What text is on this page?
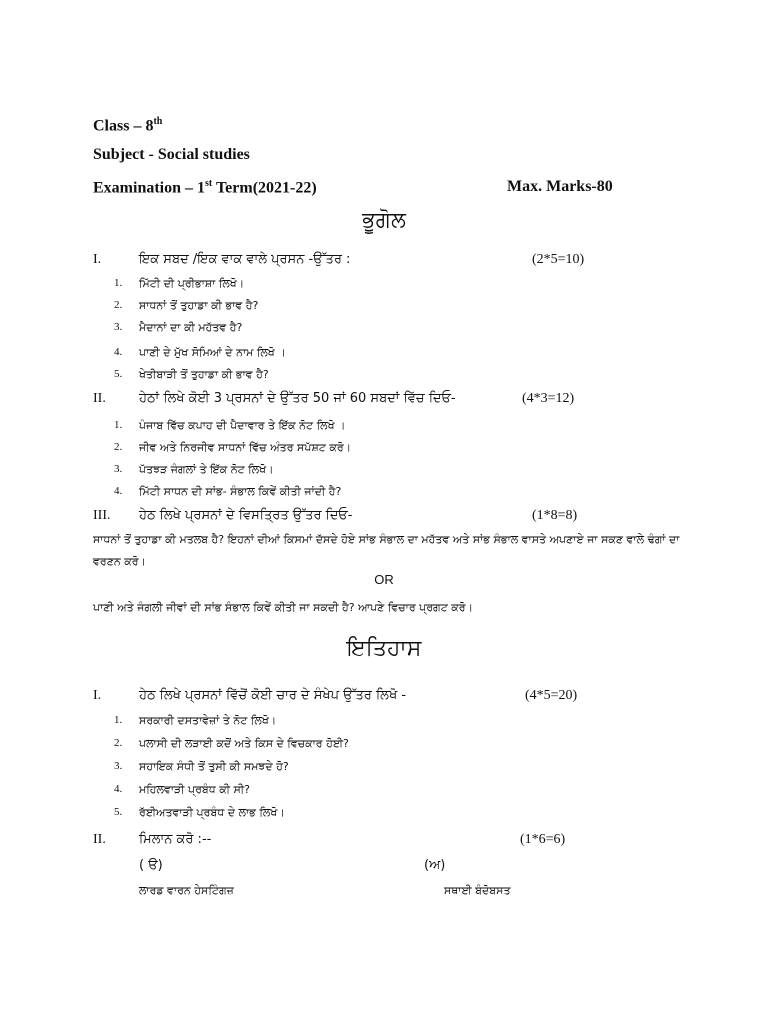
Class – 8th
Subject - Social studies
Examination – 1st Term(2021-22)	Max. Marks-80
ਭੂਗੋਲ
I.	ਇਕ ਸਬਦ /ਇਕ ਵਾਕ ਵਾਲੇ ਪ੍ਰਸਨ -ਉੱਤਰ :	(2*5=10)
1. ਮਿੱਟੀ ਦੀ ਪ੍ਰੀਭਾਸ਼ਾ ਲਿਖੋ।
2. ਸਾਧਨਾਂ ਤੋਂ ਤੁਹਾਡਾ ਕੀ ਭਾਵ ਹੈ?
3. ਮੈਦਾਨਾਂ ਦਾ ਕੀ ਮਹੱਤਵ ਹੈ?
4. ਪਾਣੀ ਦੇ ਮੁੱਖ ਸੋਮਿਆਂ ਦੇ ਨਾਮ ਲਿਖੋ ।
5. ਖੇਤੀਬਾੜੀ ਤੋਂ ਤੁਹਾਡਾ ਕੀ ਭਾਵ ਹੈ?
II.	ਹੇਠਾਂ ਲਿਖੇ ਕੋਈ 3 ਪ੍ਰਸਨਾਂ ਦੇ ਉੱਤਰ 50 ਜਾਂ 60 ਸਬਦਾਂ ਵਿੱਚ ਦਿਓ-	(4*3=12)
1. ਪੰਜਾਬ ਵਿੱਚ ਕਪਾਹ ਦੀ ਪੈਦਾਵਾਰ ਤੇ ਇੱਕ ਨੋਟ ਲਿਖੋ ।
2. ਜੀਵ ਅਤੇ ਨਿਰਜੀਵ ਸਾਧਨਾਂ ਵਿੱਚ ਅੰਤਰ ਸਪੱਸ਼ਟ ਕਰੋ।
3. ਪੱਤਝੜ ਜੰਗਲਾਂ ਤੇ ਇੱਕ ਨੋਟ ਲਿਖੋ।
4. ਮਿੱਟੀ ਸਾਧਨ ਦੀ ਸਾਂਭ- ਸੰਭਾਲ ਕਿਵੇਂ ਕੀਤੀ ਜਾਂਦੀ ਹੈ?
III. ਹੇਠ ਲਿਖੇ ਪ੍ਰਸਨਾਂ ਦੇ ਵਿਸਤ੍ਰਿਤ ਉੱਤਰ ਦਿਓ-	(1*8=8)
ਸਾਧਨਾਂ ਤੋਂ ਤੁਹਾਡਾ ਕੀ ਮਤਲਬ ਹੈ? ਇਹਨਾਂ ਦੀਆਂ ਕਿਸਮਾਂ ਦੱਸਦੇ ਹੋਏ ਸਾਂਭ ਸੰਭਾਲ ਦਾ ਮਹੱਤਵ ਅਤੇ ਸਾਂਭ ਸੰਭਾਲ ਵਾਸਤੇ ਅਪਣਾਏ ਜਾ ਸਕਣ ਵਾਲੇ ਢੰਗਾਂ ਦਾ ਵਰਣਨ ਕਰੋ।
OR
ਪਾਣੀ ਅਤੇ ਜੰਗਲੀ ਜੀਵਾਂ ਦੀ ਸਾਂਭ ਸੰਭਾਲ ਕਿਵੇਂ ਕੀਤੀ ਜਾ ਸਕਦੀ ਹੈ? ਆਪਣੇ ਵਿਚਾਰ ਪ੍ਰਗਟ ਕਰੋ।
ਇਤਿਹਾਸ
I.	ਹੇਠ ਲਿਖੇ ਪ੍ਰਸਨਾਂ ਵਿੱਚੋਂ ਕੋਈ ਚਾਰ ਦੇ ਸੰਖੇਪ ਉੱਤਰ ਲਿਖੋ -	(4*5=20)
1. ਸਰਕਾਰੀ ਦਸਤਾਵੇਜ਼ਾਂ ਤੇ ਨੋਟ ਲਿਖੋ।
2. ਪਲਾਸੀ ਦੀ ਲੜਾਈ ਕਦੋਂ ਅਤੇ ਕਿਸ ਦੇ ਵਿਚਕਾਰ ਹੋਈ?
3. ਸਹਾਇਕ ਸੰਧੀ ਤੋਂ ਤੁਸੀ ਕੀ ਸਮਝਦੇ ਹੋ?
4. ਮਹਿਲਵਾੜੀ ਪ੍ਰਬੰਧ ਕੀ ਸੀ?
5. ਰੱਈਅਤਵਾੜੀ ਪ੍ਰਬੰਧ ਦੇ ਲਾਭ ਲਿਖੋ।
II.	ਮਿਲਾਨ ਕਰੋ :--	(1*6=6)
( ੳ)	(ਅ)
ਲਾਰਡ ਵਾਰਨ ਹੇਸਟਿੰਗਜ਼	ਸਥਾਈ ਬੰਦੋਬਸਤ
